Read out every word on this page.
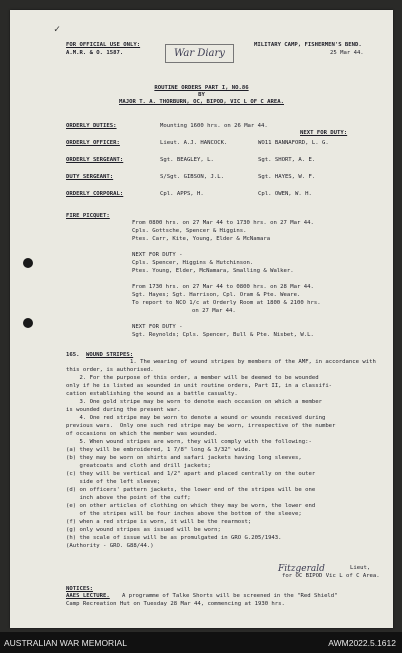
✓
FOR OFFICIAL USE ONLY:
A.M.R. & O. 1587.	War Diary
MILITARY CAMP, FISHERMEN'S BEND.
25 Mar 44.
ROUTINE ORDERS PART I, NO.86
BY
MAJOR T. A. THORBURN, OC, BIPOD, VIC L OF C AREA.
ORDERLY DUTIES:	Mounting 1600 hrs. on 26 Mar 44.
NEXT FOR DUTY:
ORDERLY OFFICER:	Lieut. A.J. HANCOCK.	WO11 BANNAFORD, L. G.
ORDERLY SERGEANT:	Sgt. BEAGLEY, L.	Sgt. SHORT, A. E.
DUTY SERGEANT:	S/Sgt. GIBSON, J.L.	Sgt. HAYES, W. F.
ORDERLY CORPORAL:	Cpl. APPS, H.	Cpl. OWEN, W. H.
FIRE PICQUET:
From 0800 hrs. on 27 Mar 44 to 1730 hrs. on 27 Mar 44.
Cpls. Gottsche, Spencer & Higgins.
Ptes. Carr, Kite, Young, Elder & McNamara
NEXT FOR DUTY -
Cpls. Spencer, Higgins & Hutchinson.
Ptes. Young, Elder, McNamara, Smalling & Walker.
From 1730 hrs. on 27 Mar 44 to 0800 hrs. on 28 Mar 44.
Sgt. Hayes; Sgt. Harrison, Cpl. Oram & Pte. Weare.
To report to NCO 1/c at Orderly Room at 1800 & 2100 hrs.
on 27 Mar 44.
NEXT FOR DUTY -
Sgt. Reynolds; Cpls. Spencer, Bull & Pte. Nisbet, W.L.
165. WOUND STRIPES:
1. The wearing of wound stripes by members of the AMF, in accordance with
this order, is authorised.
2. For the purpose of this order, a member will be deemed to be wounded
only if he is listed as wounded in unit routine orders, Part II, in a classifi-
cation establishing the wound as a battle casualty.
3. One gold stripe may be worn to denote each occasion on which a member
is wounded during the present war.
4. One red stripe may be worn to denote a wound or wounds received during
previous wars.  Only one such red stripe may be worn, irrespective of the number
of occasions on which the member was wounded.
5. When wound stripes are worn, they will comply with the following:-
(a) they will be embroidered, 1 7/8" long & 3/32" wide.
(b) they may be worn on shirts and safari jackets having long sleeves,
greatcoats and cloth and drill jackets;
(c) they will be vertical and 1/2" apart and placed centrally on the outer
side of the left sleeve;
(d) on officers' pattern jackets, the lower end of the stripes will be one
inch above the point of the cuff;
(e) on other articles of clothing on which they may be worn, the lower end
of the stripes will be four inches above the bottom of the sleeve;
(f) when a red stripe is worn, it will be the rearmost;
(g) only wound stripes as issued will be worn;
(h) the scale of issue will be as promulgated in GRO G.205/1943.
(Authority - GRO. G88/44.)
Fitzgerald	Lieut,
for OC BIPOD Vic L of C Area.
NOTICES:
AAES LECTURE. A programme of Talke Shorts will be screened in the "Red Shield"
Camp Recreation Hut on Tuesday 28 Mar 44, commencing at 1930 hrs.
AUSTRALIAN WAR MEMORIAL	AWM2022.5.1612
